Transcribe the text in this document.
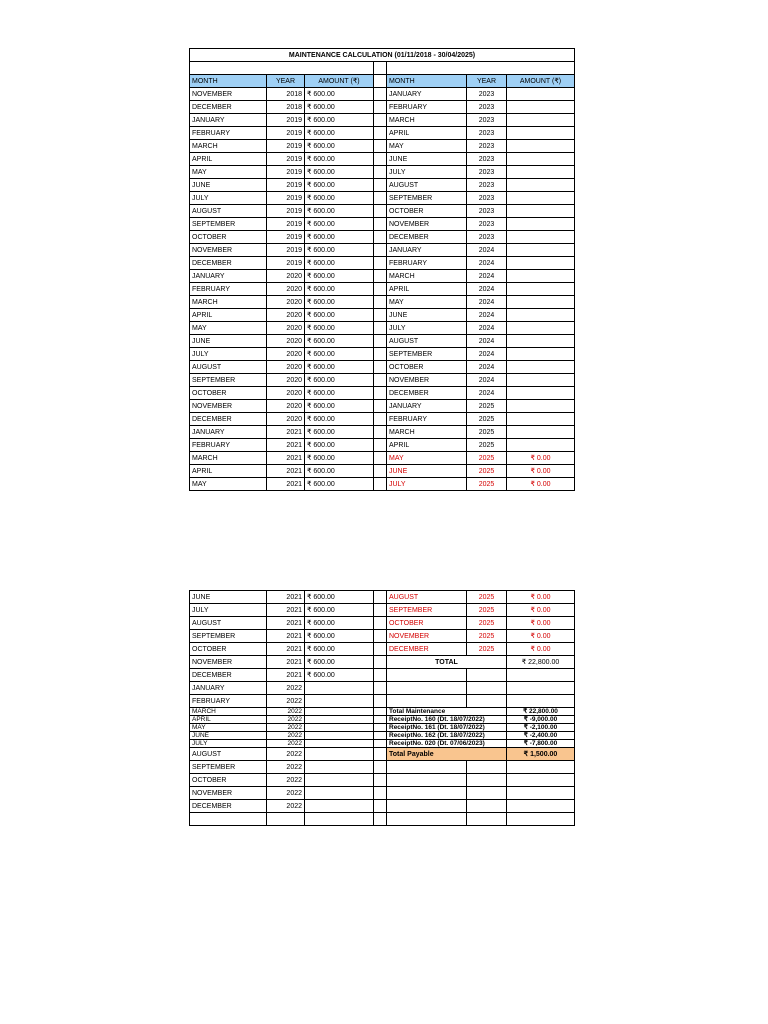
MAINTENANCE CALCULATION (01/11/2018 - 30/04/2025)						

MONTH	YEAR	AMOUNT (₹)		MONTH	YEAR	AMOUNT (₹)
NOVEMBER	2018	₹ 600.00		JANUARY	2023	
DECEMBER	2018	₹ 600.00		FEBRUARY	2023	
JANUARY	2019	₹ 600.00		MARCH	2023	
FEBRUARY	2019	₹ 600.00		APRIL	2023	
MARCH	2019	₹ 600.00		MAY	2023	
APRIL	2019	₹ 600.00		JUNE	2023	
MAY	2019	₹ 600.00		JULY	2023	
JUNE	2019	₹ 600.00		AUGUST	2023	
JULY	2019	₹ 600.00		SEPTEMBER	2023	
AUGUST	2019	₹ 600.00		OCTOBER	2023	
SEPTEMBER	2019	₹ 600.00		NOVEMBER	2023	
OCTOBER	2019	₹ 600.00		DECEMBER	2023	
NOVEMBER	2019	₹ 600.00		JANUARY	2024	
DECEMBER	2019	₹ 600.00		FEBRUARY	2024	
JANUARY	2020	₹ 600.00		MARCH	2024	
FEBRUARY	2020	₹ 600.00		APRIL	2024	
MARCH	2020	₹ 600.00		MAY	2024	
APRIL	2020	₹ 600.00		JUNE	2024	
MAY	2020	₹ 600.00		JULY	2024	
JUNE	2020	₹ 600.00		AUGUST	2024	
JULY	2020	₹ 600.00		SEPTEMBER	2024	
AUGUST	2020	₹ 600.00		OCTOBER	2024	
SEPTEMBER	2020	₹ 600.00		NOVEMBER	2024	
OCTOBER	2020	₹ 600.00		DECEMBER	2024	
NOVEMBER	2020	₹ 600.00		JANUARY	2025	
DECEMBER	2020	₹ 600.00		FEBRUARY	2025	
JANUARY	2021	₹ 600.00		MARCH	2025	
FEBRUARY	2021	₹ 600.00		APRIL	2025	
MARCH	2021	₹ 600.00		MAY	2025	₹ 0.00
APRIL	2021	₹ 600.00		JUNE	2025	₹ 0.00
MAY	2021	₹ 600.00		JULY	2025	₹ 0.00
JUNE	2021	₹ 600.00		AUGUST	2025	₹ 0.00
JULY	2021	₹ 600.00		SEPTEMBER	2025	₹ 0.00
AUGUST	2021	₹ 600.00		OCTOBER	2025	₹ 0.00
SEPTEMBER	2021	₹ 600.00		NOVEMBER	2025	₹ 0.00
OCTOBER	2021	₹ 600.00		DECEMBER	2025	₹ 0.00
NOVEMBER	2021	₹ 600.00		TOTAL		₹ 22,800.00
DECEMBER	2021	₹ 600.00				
JANUARY	2022					
FEBRUARY	2022					
MARCH	2022			Total Maintenance		₹ 22,800.00
APRIL	2022			ReceiptNo. 160 (Dt. 18/07/2022)		₹ -9,000.00
MAY	2022			ReceiptNo. 161 (Dt. 18/07/2022)		₹ -2,100.00
JUNE	2022			ReceiptNo. 162 (Dt. 18/07/2022)		₹ -2,400.00
JULY	2022			ReceiptNo. 020 (Dt. 07/06/2023)		₹ -7,800.00
AUGUST	2022			Total Payable		₹ 1,500.00
SEPTEMBER	2022					
OCTOBER	2022					
NOVEMBER	2022					
DECEMBER	2022					
